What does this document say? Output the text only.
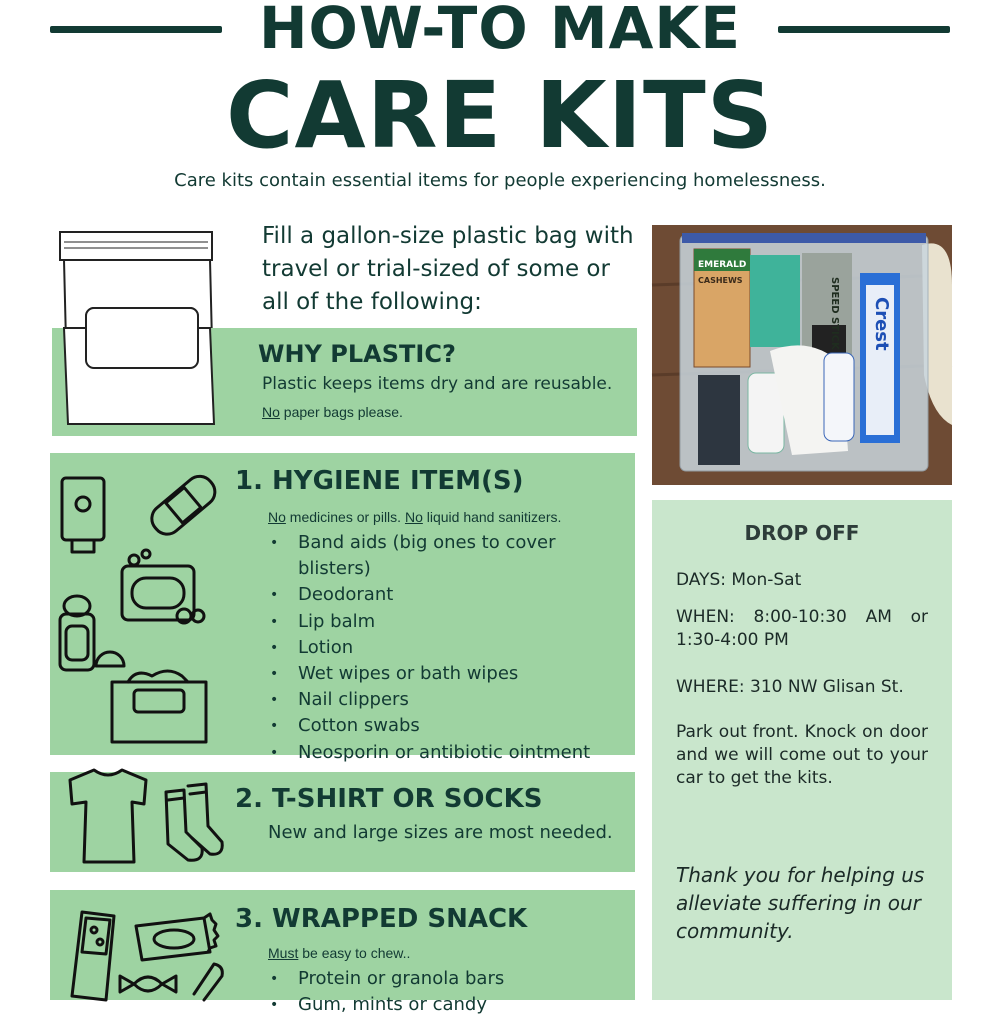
HOW-TO MAKE
CARE KITS
Care kits contain essential items for people experiencing homelessness.
Fill a gallon-size plastic bag with travel or trial-sized of some or all of the following:
WHY PLASTIC?
Plastic keeps items dry and are reusable.
No paper bags please.
EMERALD
CASHEWS	SPEED STICK Crest
1. HYGIENE ITEM(S)
No medicines or pills. No liquid hand sanitizers.
• Band aids (big ones to cover blisters)
• Deodorant
• Lip balm
• Lotion
• Wet wipes or bath wipes
• Nail clippers
• Cotton swabs
• Neosporin or antibiotic ointment
2. T-SHIRT OR SOCKS
New and large sizes are most needed.
3. WRAPPED SNACK
Must be easy to chew..
• Protein or granola bars
• Gum, mints or candy
DROP OFF
DAYS: Mon-Sat
WHEN: 8:00-10:30 AM or 1:30-4:00 PM
WHERE: 310 NW Glisan St.
Park out front. Knock on door and we will come out to your car to get the kits.
Thank you for helping us alleviate suffering in our community.
